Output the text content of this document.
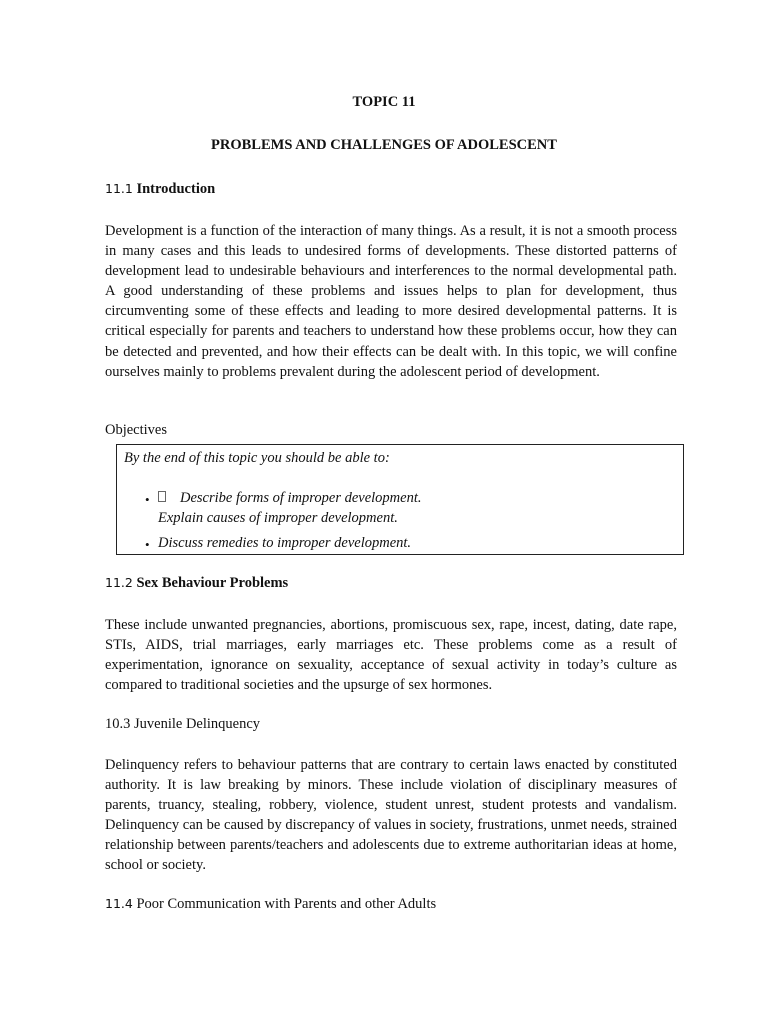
TOPIC 11
PROBLEMS AND CHALLENGES OF ADOLESCENT
11.1 Introduction

Development is a function of the interaction of many things. As a result, it is not a smooth process in many cases and this leads to undesired forms of developments. These distorted patterns of development lead to undesirable behaviours and interferences to the normal developmental path. A good understanding of these problems and issues helps to plan for development, thus circumventing some of these effects and leading to more desired developmental patterns. It is critical especially for parents and teachers to understand how these problems occur, how they can be detected and prevented, and how their effects can be dealt with. In this topic, we will confine ourselves mainly to problems prevalent during the adolescent period of development.

Objectives
By the end of this topic you should be able to:
•	Describe forms of improper development.
Explain causes of improper development.
• Discuss remedies to improper development.
11.2 Sex Behaviour Problems

These include unwanted pregnancies, abortions, promiscuous sex, rape, incest, dating, date rape, STIs, AIDS, trial marriages, early marriages etc. These problems come as a result of experimentation, ignorance on sexuality, acceptance of sexual activity in today’s culture as compared to traditional societies and the upsurge of sex hormones.

10.3 Juvenile Delinquency

Delinquency refers to behaviour patterns that are contrary to certain laws enacted by constituted authority. It is law breaking by minors. These include violation of disciplinary measures of parents, truancy, stealing, robbery, violence, student unrest, student protests and vandalism. Delinquency can be caused by discrepancy of values in society, frustrations, unmet needs, strained relationship between parents/teachers and adolescents due to extreme authoritarian ideas at home, school or society.

11.4 Poor Communication with Parents and other Adults
